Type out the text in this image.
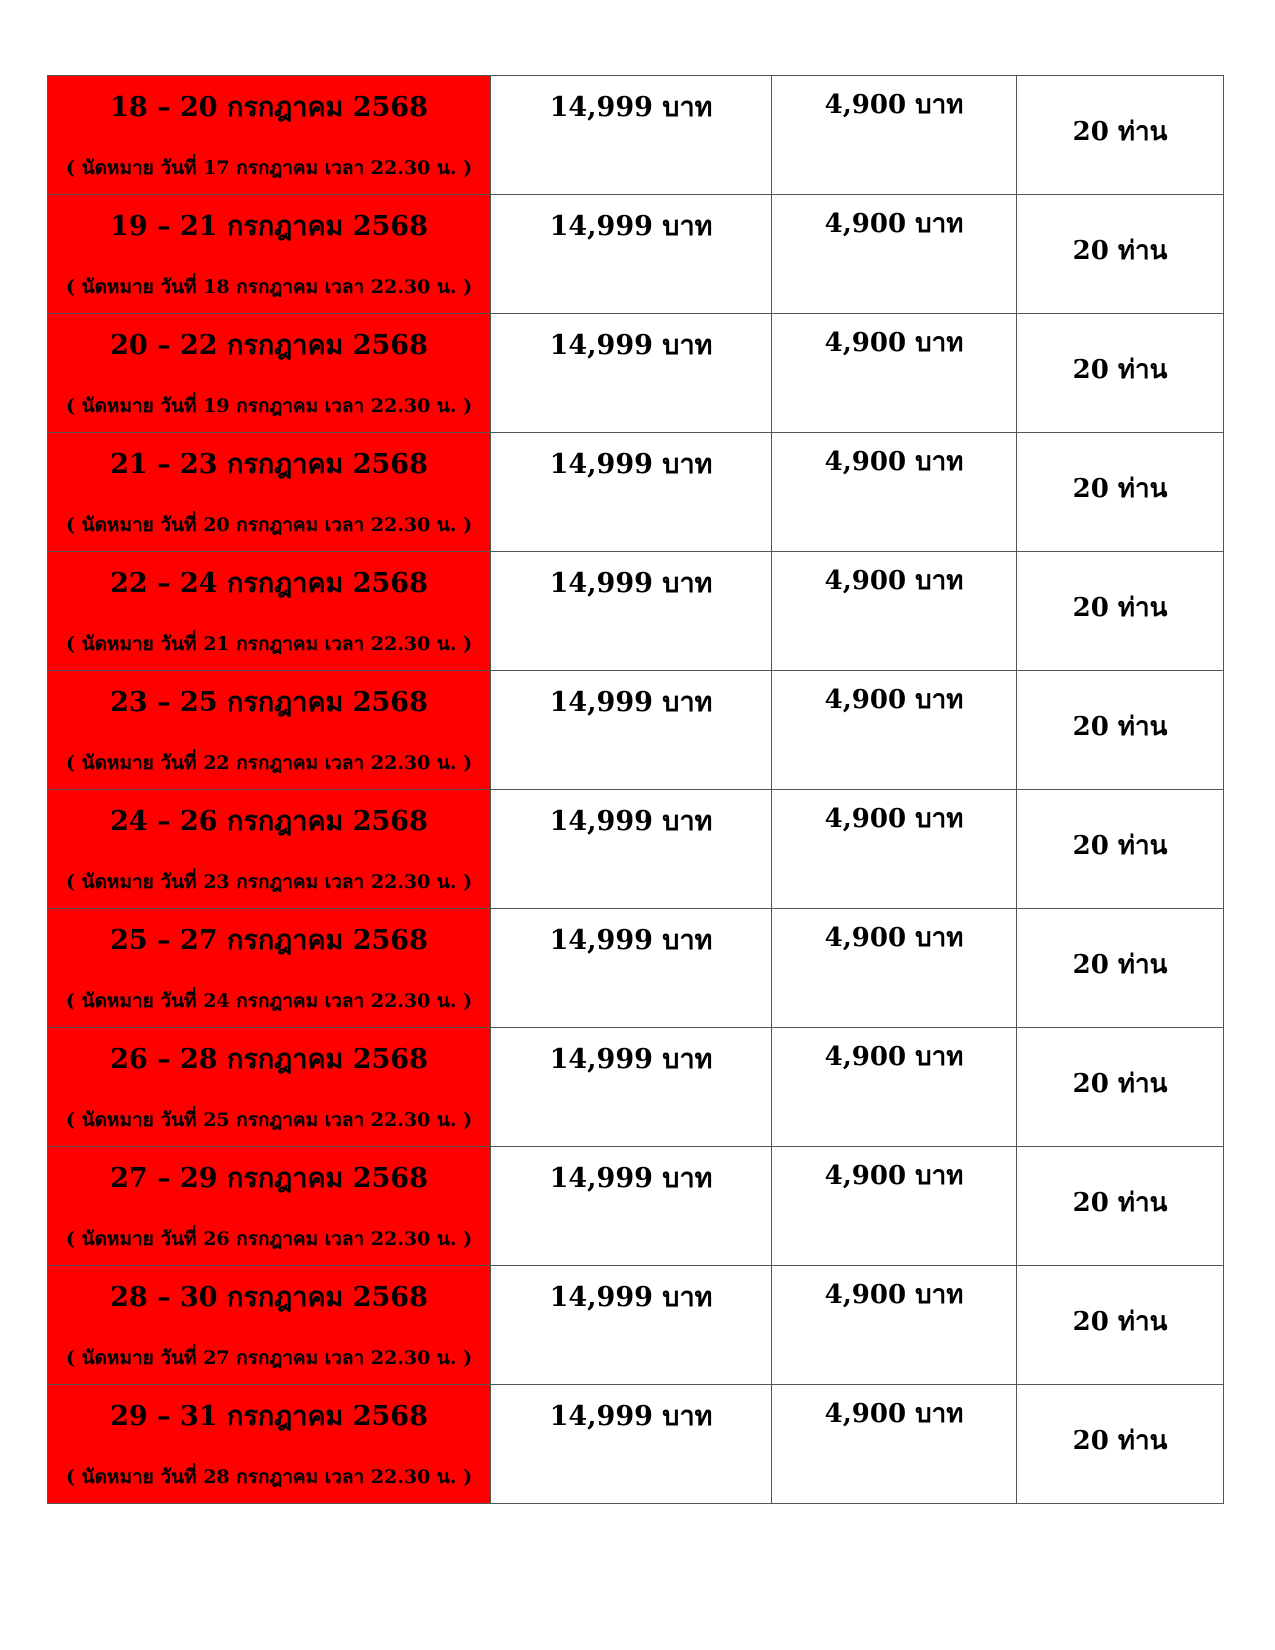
18 – 20 กรกฎาคม 2568
( นัดหมาย วันที่ 17 กรกฎาคม เวลา 22.30 น. )	14,999 บาท	4,900 บาท	20 ท่าน

19 – 21 กรกฎาคม 2568
( นัดหมาย วันที่ 18 กรกฎาคม เวลา 22.30 น. )	14,999 บาท	4,900 บาท	20 ท่าน

20 – 22 กรกฎาคม 2568
( นัดหมาย วันที่ 19 กรกฎาคม เวลา 22.30 น. )	14,999 บาท	4,900 บาท	20 ท่าน

21 – 23 กรกฎาคม 2568
( นัดหมาย วันที่ 20 กรกฎาคม เวลา 22.30 น. )	14,999 บาท	4,900 บาท	20 ท่าน

22 – 24 กรกฎาคม 2568
( นัดหมาย วันที่ 21 กรกฎาคม เวลา 22.30 น. )	14,999 บาท	4,900 บาท	20 ท่าน

23 – 25 กรกฎาคม 2568
( นัดหมาย วันที่ 22 กรกฎาคม เวลา 22.30 น. )	14,999 บาท	4,900 บาท	20 ท่าน

24 – 26 กรกฎาคม 2568
( นัดหมาย วันที่ 23 กรกฎาคม เวลา 22.30 น. )	14,999 บาท	4,900 บาท	20 ท่าน

25 – 27 กรกฎาคม 2568
( นัดหมาย วันที่ 24 กรกฎาคม เวลา 22.30 น. )	14,999 บาท	4,900 บาท	20 ท่าน

26 – 28 กรกฎาคม 2568
( นัดหมาย วันที่ 25 กรกฎาคม เวลา 22.30 น. )	14,999 บาท	4,900 บาท	20 ท่าน

27 – 29 กรกฎาคม 2568
( นัดหมาย วันที่ 26 กรกฎาคม เวลา 22.30 น. )	14,999 บาท	4,900 บาท	20 ท่าน

28 – 30 กรกฎาคม 2568
( นัดหมาย วันที่ 27 กรกฎาคม เวลา 22.30 น. )	14,999 บาท	4,900 บาท	20 ท่าน

29 – 31 กรกฎาคม 2568
( นัดหมาย วันที่ 28 กรกฎาคม เวลา 22.30 น. )	14,999 บาท	4,900 บาท	20 ท่าน
